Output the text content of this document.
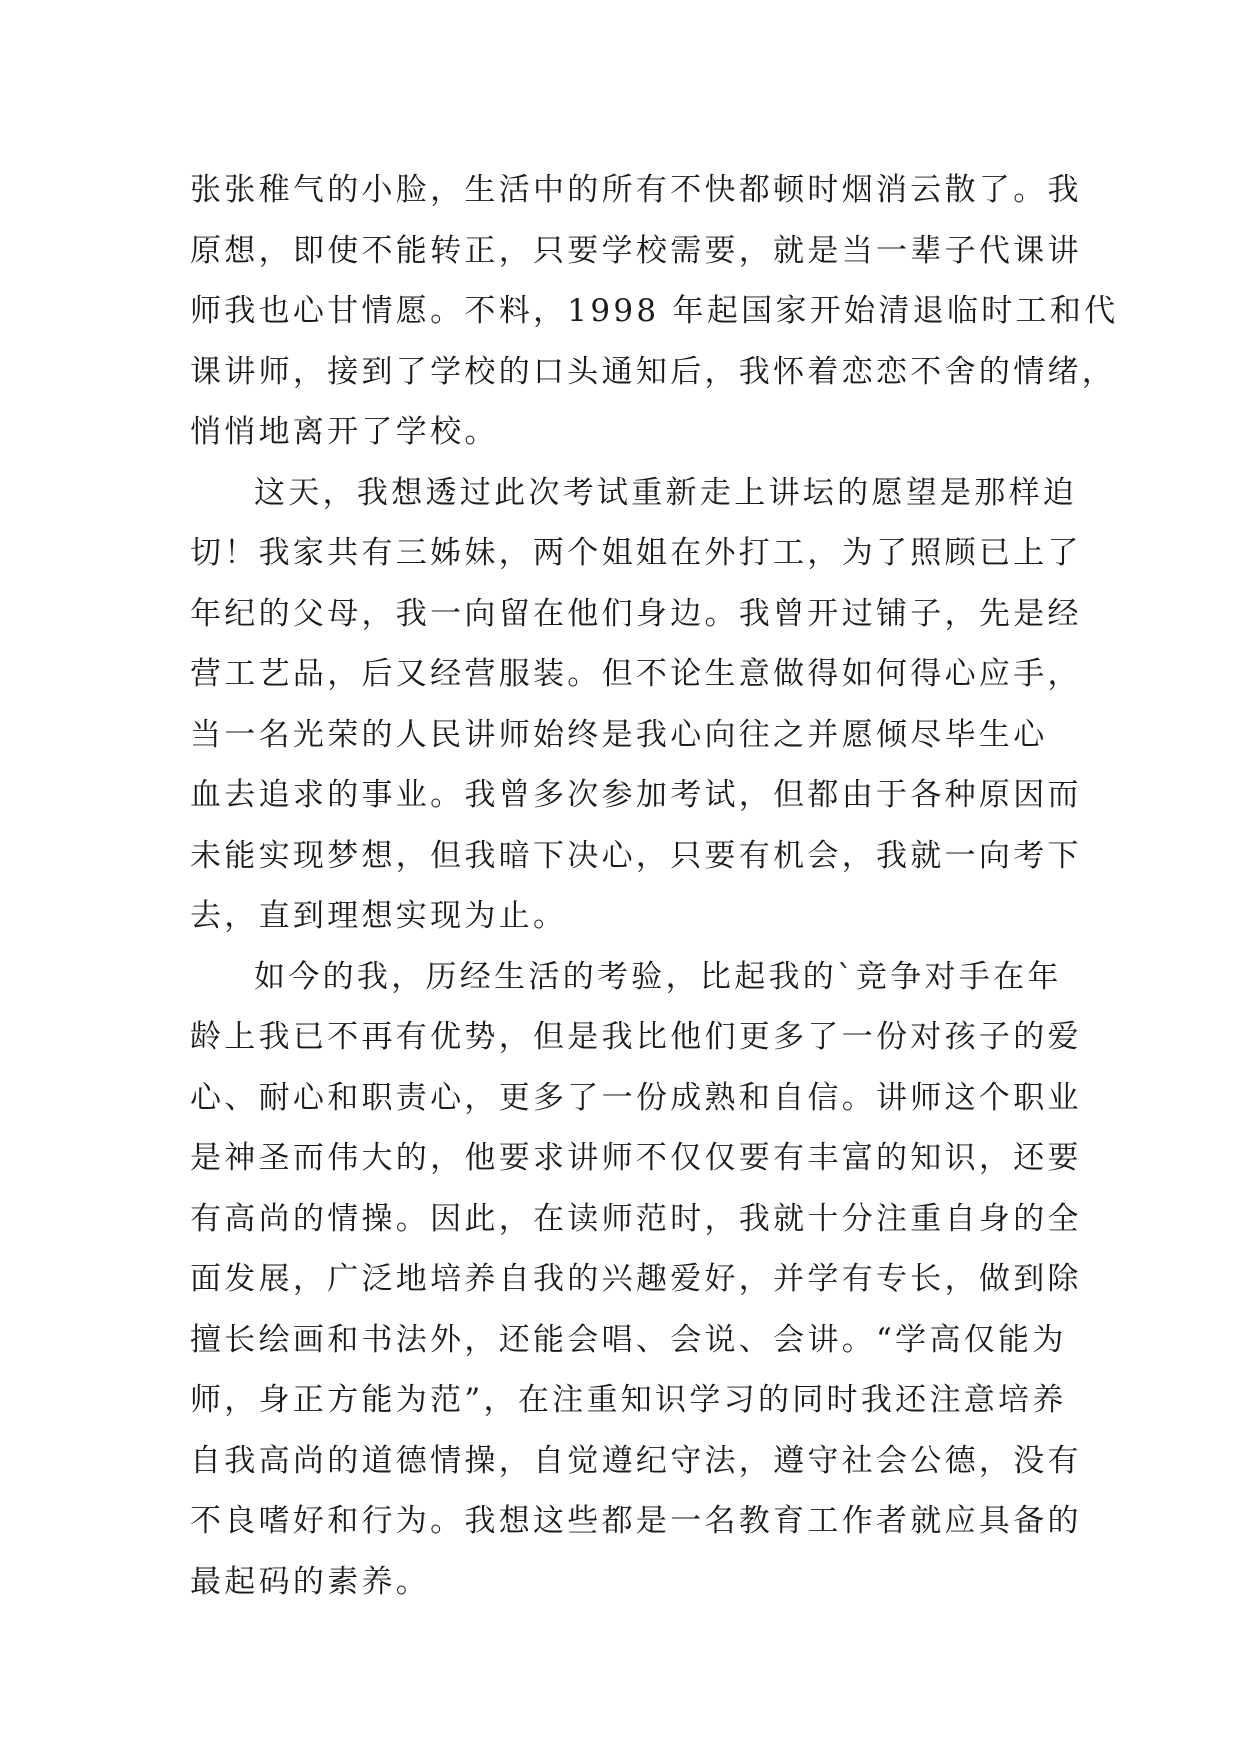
张张稚气的小脸，生活中的所有不快都顿时烟消云散了。我
原想，即使不能转正，只要学校需要，就是当一辈子代课讲
师我也心甘情愿。不料，1998 年起国家开始清退临时工和代
课讲师，接到了学校的口头通知后，我怀着恋恋不舍的情绪，
悄悄地离开了学校。
这天，我想透过此次考试重新走上讲坛的愿望是那样迫
切！我家共有三姊妹，两个姐姐在外打工，为了照顾已上了
年纪的父母，我一向留在他们身边。我曾开过铺子，先是经
营工艺品，后又经营服装。但不论生意做得如何得心应手，
当一名光荣的人民讲师始终是我心向往之并愿倾尽毕生心
血去追求的事业。我曾多次参加考试，但都由于各种原因而
未能实现梦想，但我暗下决心，只要有机会，我就一向考下
去，直到理想实现为止。
如今的我，历经生活的考验，比起我的`竞争对手在年
龄上我已不再有优势，但是我比他们更多了一份对孩子的爱
心、耐心和职责心，更多了一份成熟和自信。讲师这个职业
是神圣而伟大的，他要求讲师不仅仅要有丰富的知识，还要
有高尚的情操。因此，在读师范时，我就十分注重自身的全
面发展，广泛地培养自我的兴趣爱好，并学有专长，做到除
擅长绘画和书法外，还能会唱、会说、会讲。“学高仅能为
师，身正方能为范”，在注重知识学习的同时我还注意培养
自我高尚的道德情操，自觉遵纪守法，遵守社会公德，没有
不良嗜好和行为。我想这些都是一名教育工作者就应具备的
最起码的素养。
